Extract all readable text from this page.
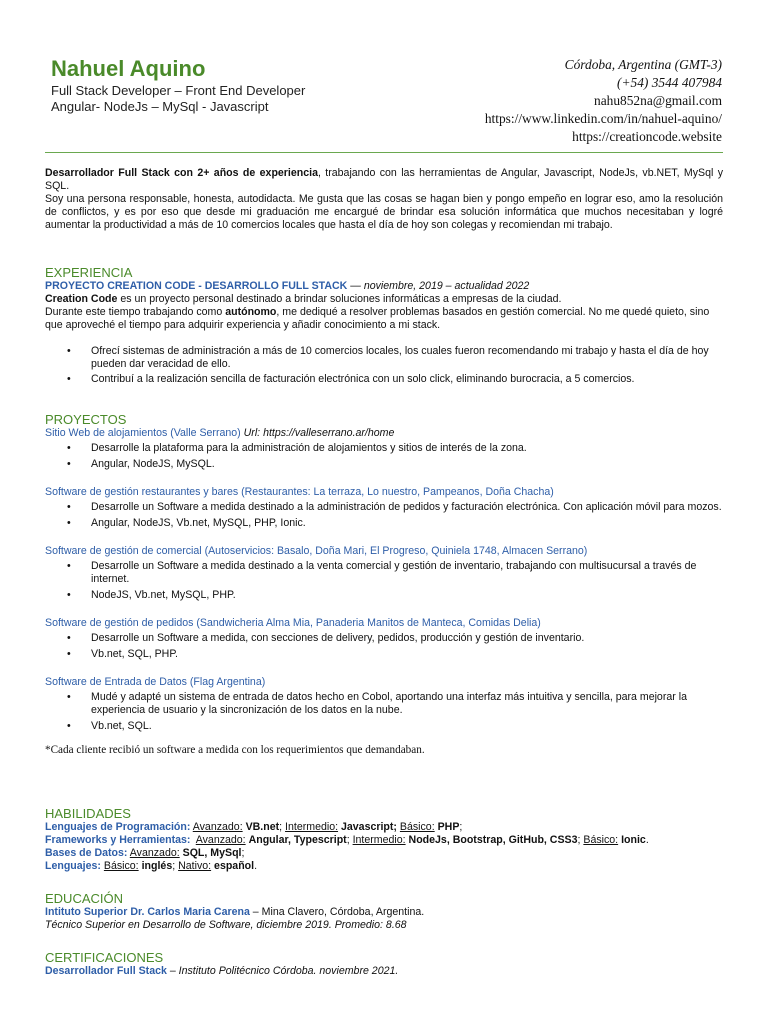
Nahuel Aquino
Full Stack Developer – Front End Developer
Angular- NodeJs – MySql - Javascript
Córdoba, Argentina (GMT-3)
(+54) 3544 407984
nahu852na@gmail.com
https://www.linkedin.com/in/nahuel-aquino/
https://creationcode.website
Desarrollador Full Stack con 2+ años de experiencia, trabajando con las herramientas de Angular, Javascript, NodeJs, vb.NET, MySql y SQL.
Soy una persona responsable, honesta, autodidacta. Me gusta que las cosas se hagan bien y pongo empeño en lograr eso, amo la resolución de conflictos, y es por eso que desde mi graduación me encargué de brindar esa solución informática que muchos necesitaban y logré aumentar la productividad a más de 10 comercios locales que hasta el día de hoy son colegas y recomiendan mi trabajo.
EXPERIENCIA
PROYECTO CREATION CODE - DESARROLLO FULL STACK — noviembre, 2019 – actualidad 2022
Creation Code es un proyecto personal destinado a brindar soluciones informáticas a empresas de la ciudad.
Durante este tiempo trabajando como autónomo, me dediqué a resolver problemas basados en gestión comercial. No me quedé quieto, sino que aproveché el tiempo para adquirir experiencia y añadir conocimiento a mi stack.
• Ofrecí sistemas de administración a más de 10 comercios locales, los cuales fueron recomendando mi trabajo y hasta el día de hoy pueden dar veracidad de ello.
• Contribuí a la realización sencilla de facturación electrónica con un solo click, eliminando burocracia, a 5 comercios.
PROYECTOS
Sitio Web de alojamientos (Valle Serrano) Url: https://valleserrano.ar/home
• Desarrolle la plataforma para la administración de alojamientos y sitios de interés de la zona.
• Angular, NodeJS, MySQL.
Software de gestión restaurantes y bares (Restaurantes: La terraza, Lo nuestro, Pampeanos, Doña Chacha)
• Desarrolle un Software a medida destinado a la administración de pedidos y facturación electrónica. Con aplicación móvil para mozos.
• Angular, NodeJS, Vb.net, MySQL, PHP, Ionic.
Software de gestión de comercial (Autoservicios: Basalo, Doña Mari, El Progreso, Quiniela 1748, Almacen Serrano)
• Desarrolle un Software a medida destinado a la venta comercial y gestión de inventario, trabajando con multisucursal a través de internet.
• NodeJS, Vb.net, MySQL, PHP.
Software de gestión de pedidos (Sandwicheria Alma Mia, Panaderia Manitos de Manteca, Comidas Delia)
• Desarrolle un Software a medida, con secciones de delivery, pedidos, producción y gestión de inventario.
• Vb.net, SQL, PHP.
Software de Entrada de Datos (Flag Argentina)
• Mudé y adapté un sistema de entrada de datos hecho en Cobol, aportando una interfaz más intuitiva y sencilla, para mejorar la experiencia de usuario y la sincronización de los datos en la nube.
• Vb.net, SQL.
*Cada cliente recibió un software a medida con los requerimientos que demandaban.
HABILIDADES
Lenguajes de Programación: Avanzado: VB.net; Intermedio: Javascript; Básico: PHP;
Frameworks y Herramientas: Avanzado: Angular, Typescript; Intermedio: NodeJs, Bootstrap, GitHub, CSS3; Básico: Ionic.
Bases de Datos: Avanzado: SQL, MySql;
Lenguajes: Básico: inglés; Nativo: español.
EDUCACIÓN
Intituto Superior Dr. Carlos Maria Carena – Mina Clavero, Córdoba, Argentina.
Técnico Superior en Desarrollo de Software, diciembre 2019. Promedio: 8.68
CERTIFICACIONES
Desarrollador Full Stack – Instituto Politécnico Córdoba. noviembre 2021.
